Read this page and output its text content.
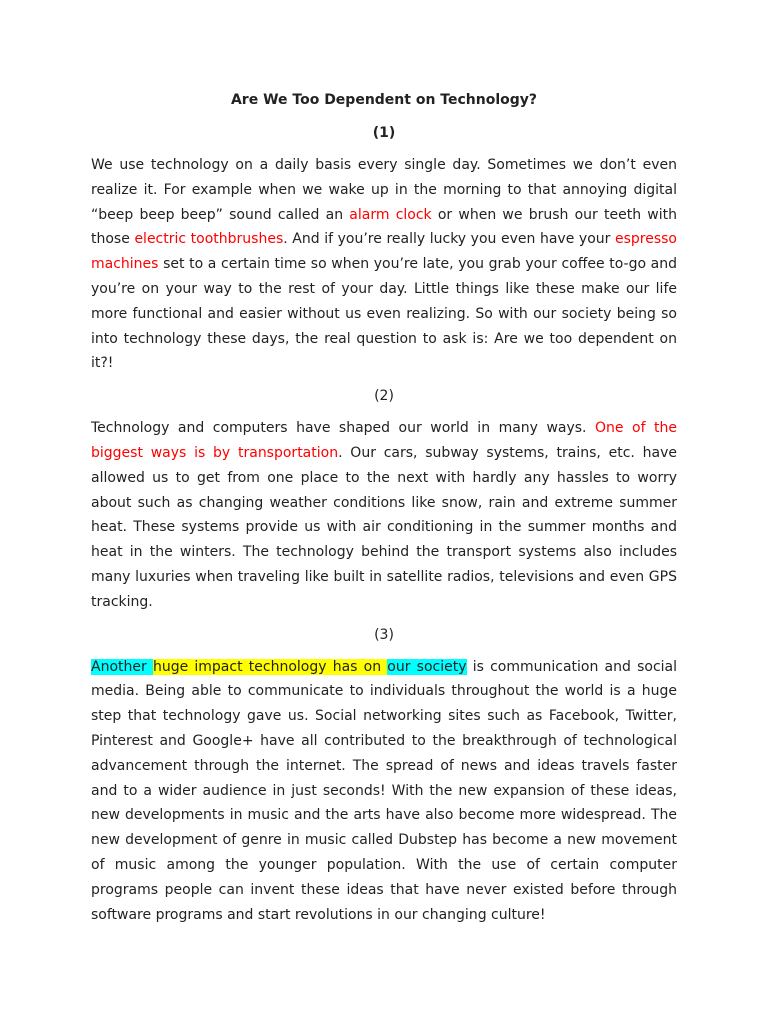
Are We Too Dependent on Technology?
(1)

We use technology on a daily basis every single day. Sometimes we don’t even realize it. For example when we wake up in the morning to that annoying digital “beep beep beep” sound called an alarm clock or when we brush our teeth with those electric toothbrushes. And if you’re really lucky you even have your espresso machines set to a certain time so when you’re late, you grab your coffee to-go and you’re on your way to the rest of your day. Little things like these make our life more functional and easier without us even realizing. So with our society being so into technology these days, the real question to ask is: Are we too dependent on it?!

(2)

Technology and computers have shaped our world in many ways. One of the biggest ways is by transportation. Our cars, subway systems, trains, etc. have allowed us to get from one place to the next with hardly any hassles to worry about such as changing weather conditions like snow, rain and extreme summer heat. These systems provide us with air conditioning in the summer months and heat in the winters. The technology behind the transport systems also includes many luxuries when traveling like built in satellite radios, televisions and even GPS tracking.

(3)

Another huge impact technology has on our society is communication and social media. Being able to communicate to individuals throughout the world is a huge step that technology gave us. Social networking sites such as Facebook, Twitter, Pinterest and Google+ have all contributed to the breakthrough of technological advancement through the internet. The spread of news and ideas travels faster and to a wider audience in just seconds! With the new expansion of these ideas, new developments in music and the arts have also become more widespread. The new development of genre in music called Dubstep has become a new movement of music among the younger population. With the use of certain computer programs people can invent these ideas that have never existed before through software programs and start revolutions in our changing culture!
